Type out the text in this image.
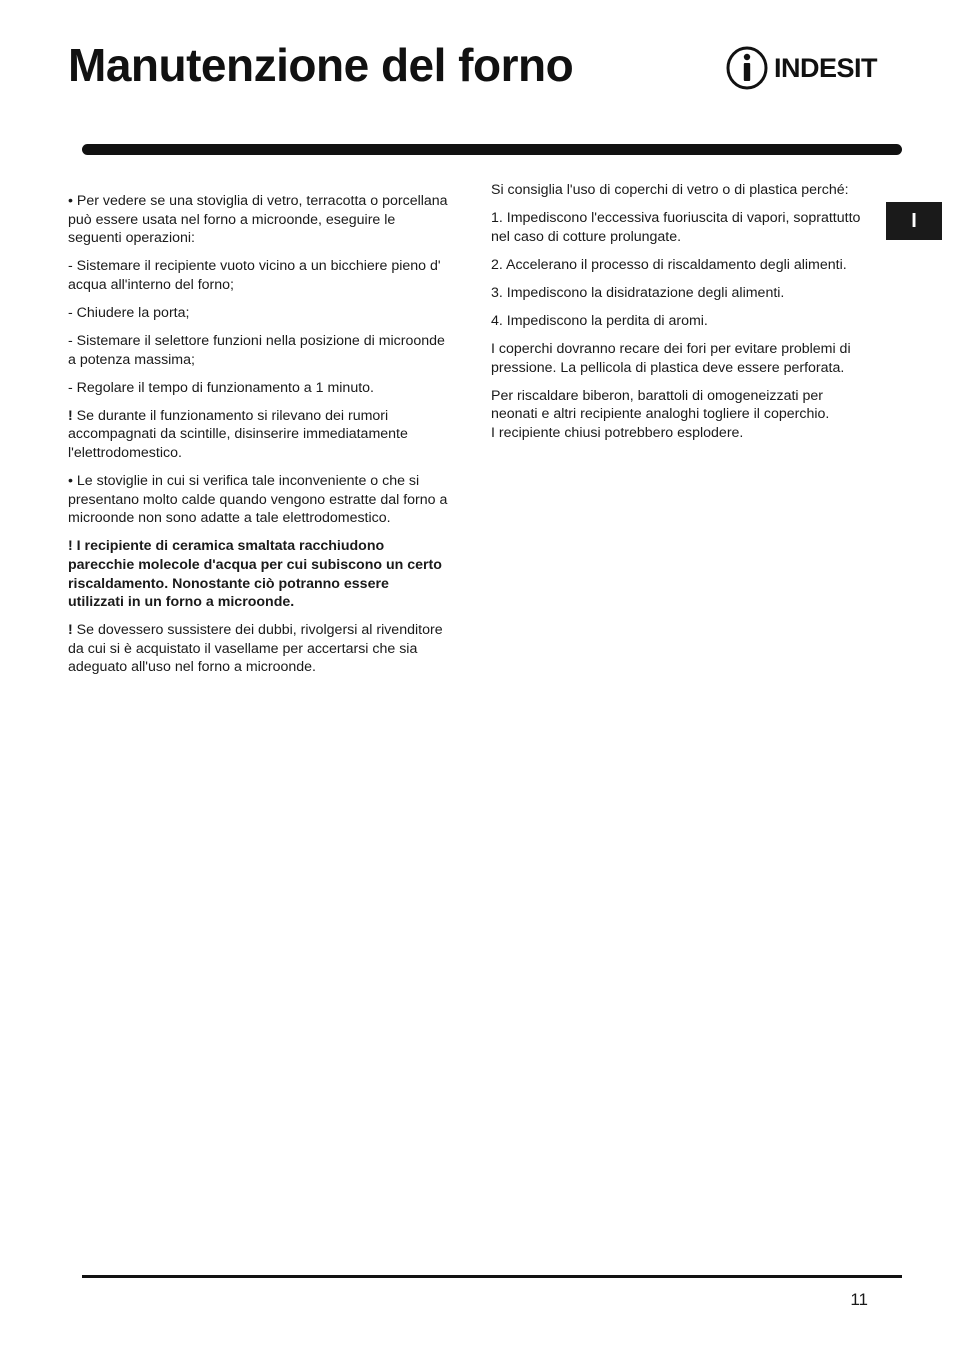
Manutenzione del forno	INDESIT
I

• Per vedere se una stoviglia di vetro, terracotta o porcellana può essere usata nel forno a microonde, eseguire le seguenti operazioni:

- Sistemare il recipiente vuoto vicino a un bicchiere pieno d' acqua all'interno del forno;

- Chiudere la porta;

- Sistemare il selettore funzioni nella posizione di microonde a potenza massima;

- Regolare il tempo di funzionamento a 1 minuto.

! Se durante il funzionamento si rilevano dei rumori accompagnati da scintille, disinserire immediatamente l'elettrodomestico.

• Le stoviglie in cui si verifica tale inconveniente o che si presentano molto calde quando vengono estratte dal forno a microonde non sono adatte a tale elettrodomestico.

! I recipiente di ceramica smaltata racchiudono parecchie molecole d'acqua per cui subiscono un certo riscaldamento. Nonostante ciò potranno essere utilizzati in un forno a microonde.

! Se dovessero sussistere dei dubbi, rivolgersi al rivenditore da cui si è acquistato il vasellame per accertarsi che sia adeguato all'uso nel forno a microonde.

Si consiglia l'uso di coperchi di vetro o di plastica perché:

1. Impediscono l'eccessiva fuoriuscita di vapori, soprattutto nel caso di cotture prolungate.

2. Accelerano il processo di riscaldamento degli alimenti.

3. Impediscono la disidratazione degli alimenti.

4. Impediscono la perdita di aromi.

I coperchi dovranno recare dei fori per evitare problemi di pressione. La pellicola di plastica deve essere perforata.

Per riscaldare biberon, barattoli di omogeneizzati per neonati e altri recipiente analoghi togliere il coperchio.
I recipiente chiusi potrebbero esplodere.

11
